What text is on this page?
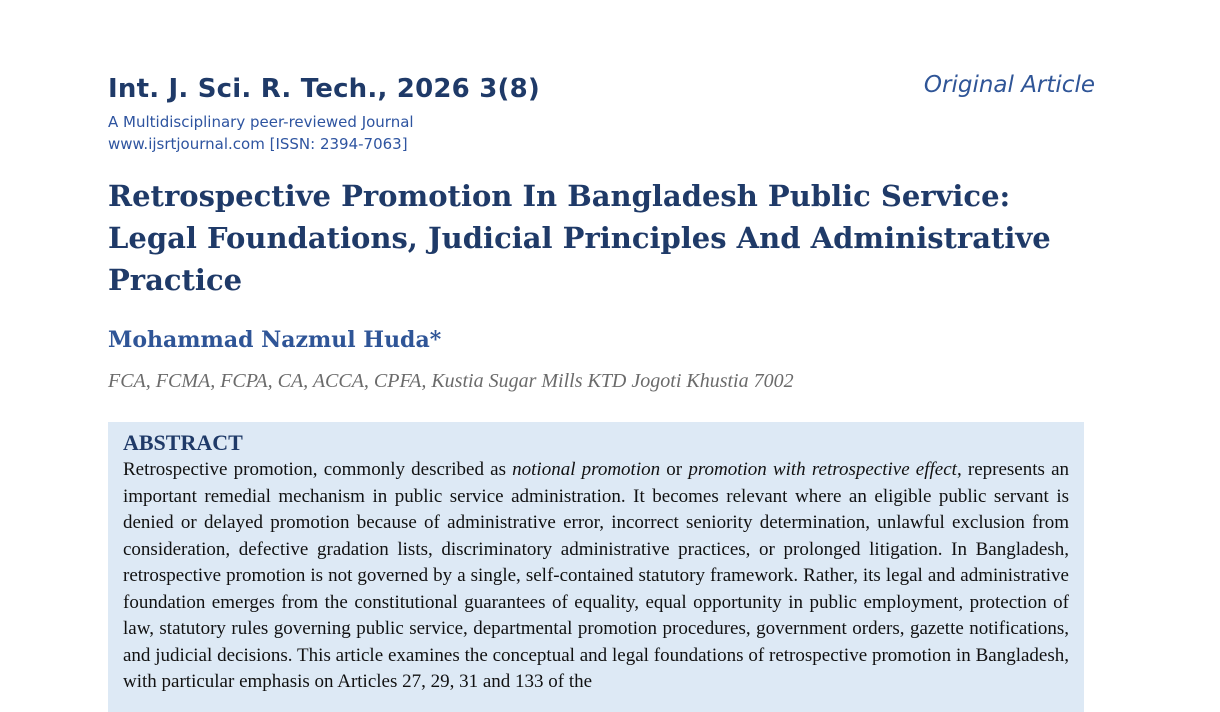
Int. J. Sci. R. Tech., 2026 3(8)	Original Article
A Multidisciplinary peer-reviewed Journal
www.ijsrtjournal.com [ISSN: 2394-7063]
Retrospective Promotion In Bangladesh Public Service: Legal Foundations, Judicial Principles And Administrative Practice
Mohammad Nazmul Huda*
FCA, FCMA, FCPA, CA, ACCA, CPFA, Kustia Sugar Mills KTD Jogoti Khustia 7002
ABSTRACT

Retrospective promotion, commonly described as notional promotion or promotion with retrospective effect, represents an important remedial mechanism in public service administration. It becomes relevant where an eligible public servant is denied or delayed promotion because of administrative error, incorrect seniority determination, unlawful exclusion from consideration, defective gradation lists, discriminatory administrative practices, or prolonged litigation. In Bangladesh, retrospective promotion is not governed by a single, self-contained statutory framework. Rather, its legal and administrative foundation emerges from the constitutional guarantees of equality, equal opportunity in public employment, protection of law, statutory rules governing public service, departmental promotion procedures, government orders, gazette notifications, and judicial decisions. This article examines the conceptual and legal foundations of retrospective promotion in Bangladesh, with particular emphasis on Articles 27, 29, 31 and 133 of the
